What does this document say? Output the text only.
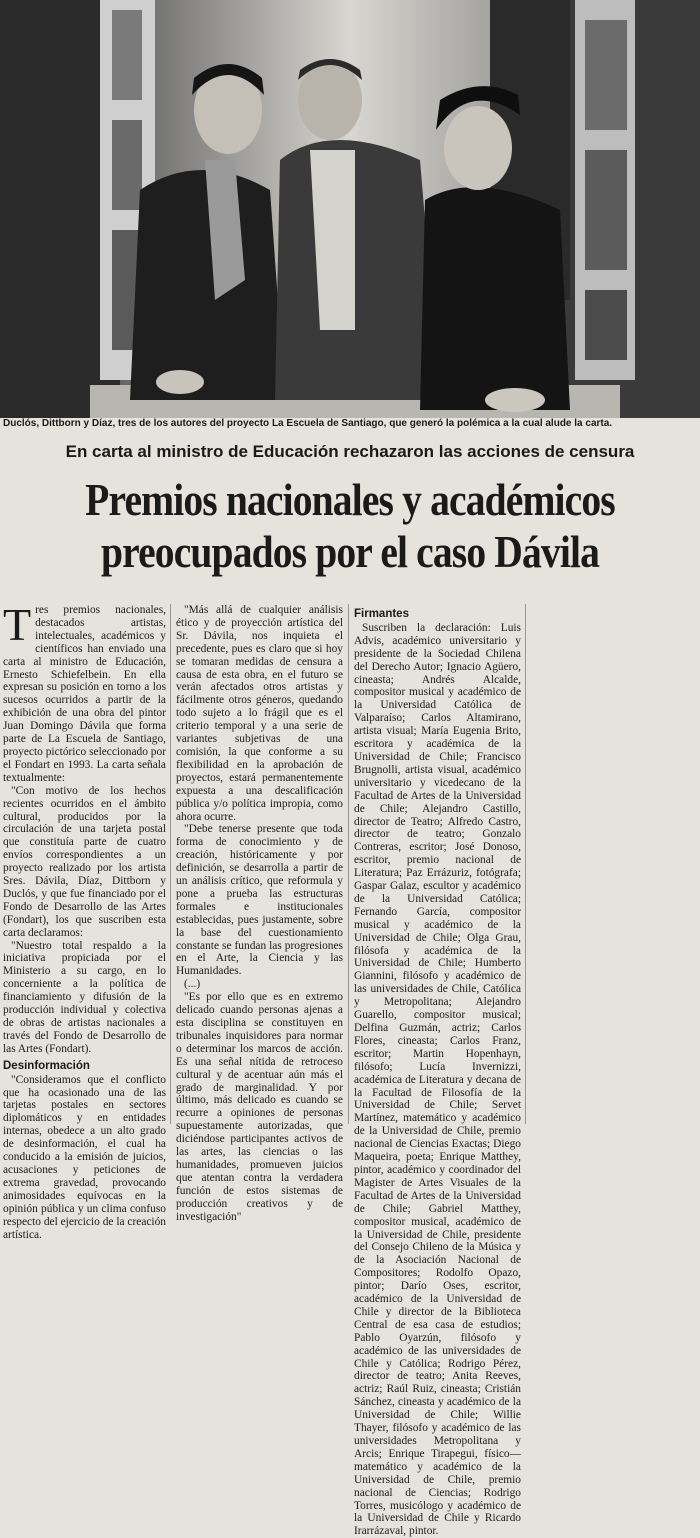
Duclós, Dittborn y Díaz, tres de los autores del proyecto La Escuela de Santiago, que generó la polémica a la cual alude la carta.
En carta al ministro de Educación rechazaron las acciones de censura
Premios nacionales y académicos
preocupados por el caso Dávila

Tres premios nacionales, destacados artistas, intelectuales, académicos y científicos han enviado una carta al ministro de Educación, Ernesto Schiefelbein. En ella expresan su posición en torno a los sucesos ocurridos a partir de la exhibición de una obra del pintor Juan Domingo Dávila que forma parte de La Escuela de Santiago, proyecto pictórico seleccionado por el Fondart en 1993. La carta señala textualmente:

"Con motivo de los hechos recientes ocurridos en el ámbito cultural, producidos por la circulación de una tarjeta postal que constituía parte de cuatro envíos correspondientes a un proyecto realizado por los artista Sres. Dávila, Díaz, Dittborn y Duclós, y que fue financiado por el Fondo de Desarrollo de las Artes (Fondart), los que suscriben esta carta declaramos:

"Nuestro total respaldo a la iniciativa propiciada por el Ministerio a su cargo, en lo concerniente a la política de financiamiento y difusión de la producción individual y colectiva de obras de artistas nacionales a través del Fondo de Desarrollo de las Artes (Fondart).

Desinformación

"Consideramos que el conflicto que ha ocasionado una de las tarjetas postales en sectores diplomáticos y en entidades internas, obedece a un alto grado de desinformación, el cual ha conducido a la emisión de juicios, acusaciones y peticiones de extrema gravedad, provocando animosidades equívocas en la opinión pública y un clima confuso respecto del ejercicio de la creación artística.

"Más allá de cualquier análisis ético y de proyección artística del Sr. Dávila, nos inquieta el precedente, pues es claro que si hoy se tomaran medidas de censura a causa de esta obra, en el futuro se verán afectados otros artistas y fácilmente otros géneros, quedando todo sujeto a lo frágil que es el criterio temporal y a una serie de variantes subjetivas de una comisión, la que conforme a su flexibilidad en la aprobación de proyectos, estará permanentemente expuesta a una descalificación pública y/o política impropia, como ahora ocurre.

"Debe tenerse presente que toda forma de conocimiento y de creación, históricamente y por definición, se desarrolla a partir de un análisis crítico, que reformula y pone a prueba las estructuras formales e institucionales establecidas, pues justamente, sobre la base del cuestionamiento constante se fundan las progresiones en el Arte, la Ciencia y las Humanidades.

(...)

"Es por ello que es en extremo delicado cuando personas ajenas a esta disciplina se constituyen en tribunales inquisidores para normar o determinar los marcos de acción. Es una señal nítida de retroceso cultural y de acentuar aún más el grado de marginalidad. Y por último, más delicado es cuando se recurre a opiniones de personas supuestamente autorizadas, que diciéndose participantes activos de las artes, las ciencias o las humanidades, promueven juicios que atentan contra la verdadera función de estos sistemas de producción creativos y de investigación"

Firmantes

Suscriben la declaración: Luis Advis, académico universitario y presidente de la Sociedad Chilena del Derecho Autor; Ignacio Agüero, cineasta; Andrés Alcalde, compositor musical y académico de la Universidad Católica de Valparaíso; Carlos Altamirano, artista visual; María Eugenia Brito, escritora y académica de la Universidad de Chile; Francisco Brugnolli, artista visual, académico universitario y vicedecano de la Facultad de Artes de la Universidad de Chile; Alejandro Castillo, director de Teatro; Alfredo Castro, director de teatro; Gonzalo Contreras, escritor; José Donoso, escritor, premio nacional de Literatura; Paz Errázuriz, fotógrafa; Gaspar Galaz, escultor y académico de la Universidad Católica; Fernando García, compositor musical y académico de la Universidad de Chile; Olga Grau, filósofa y académica de la Universidad de Chile; Humberto Giannini, filósofo y académico de las universidades de Chile, Católica y Metropolitana; Alejandro Guarello, compositor musical; Delfina Guzmán, actriz; Carlos Flores, cineasta; Carlos Franz, escritor; Martin Hopenhayn, filósofo; Lucía Invernizzi, académica de Literatura y decana de la Facultad de Filosofía de la Universidad de Chile; Servet Martínez, matemático y académico de la Universidad de Chile, premio nacional de Ciencias Exactas; Diego Maqueira, poeta; Enrique Matthey, pintor, académico y coordinador del Magister de Artes Visuales de la Facultad de Artes de la Universidad de Chile; Gabriel Matthey, compositor musical, académico de la Universidad de Chile, presidente del Consejo Chileno de la Música y de la Asociación Nacional de Compositores; Rodolfo Opazo, pintor; Darío Oses, escritor, académico de la Universidad de Chile y director de la Biblioteca Central de esa casa de estudios; Pablo Oyarzún, filósofo y académico de las universidades de Chile y Católica; Rodrigo Pérez, director de teatro; Anita Reeves, actriz; Raúl Ruiz, cineasta; Cristián Sánchez, cineasta y académico de la Universidad de Chile; Willie Thayer, filósofo y académico de las universidades Metropolitana y Arcis; Enrique Tirapegui, físico—matemático y académico de la Universidad de Chile, premio nacional de Ciencias; Rodrigo Torres, musicólogo y académico de la Universidad de Chile y Ricardo Irarrázaval, pintor.
